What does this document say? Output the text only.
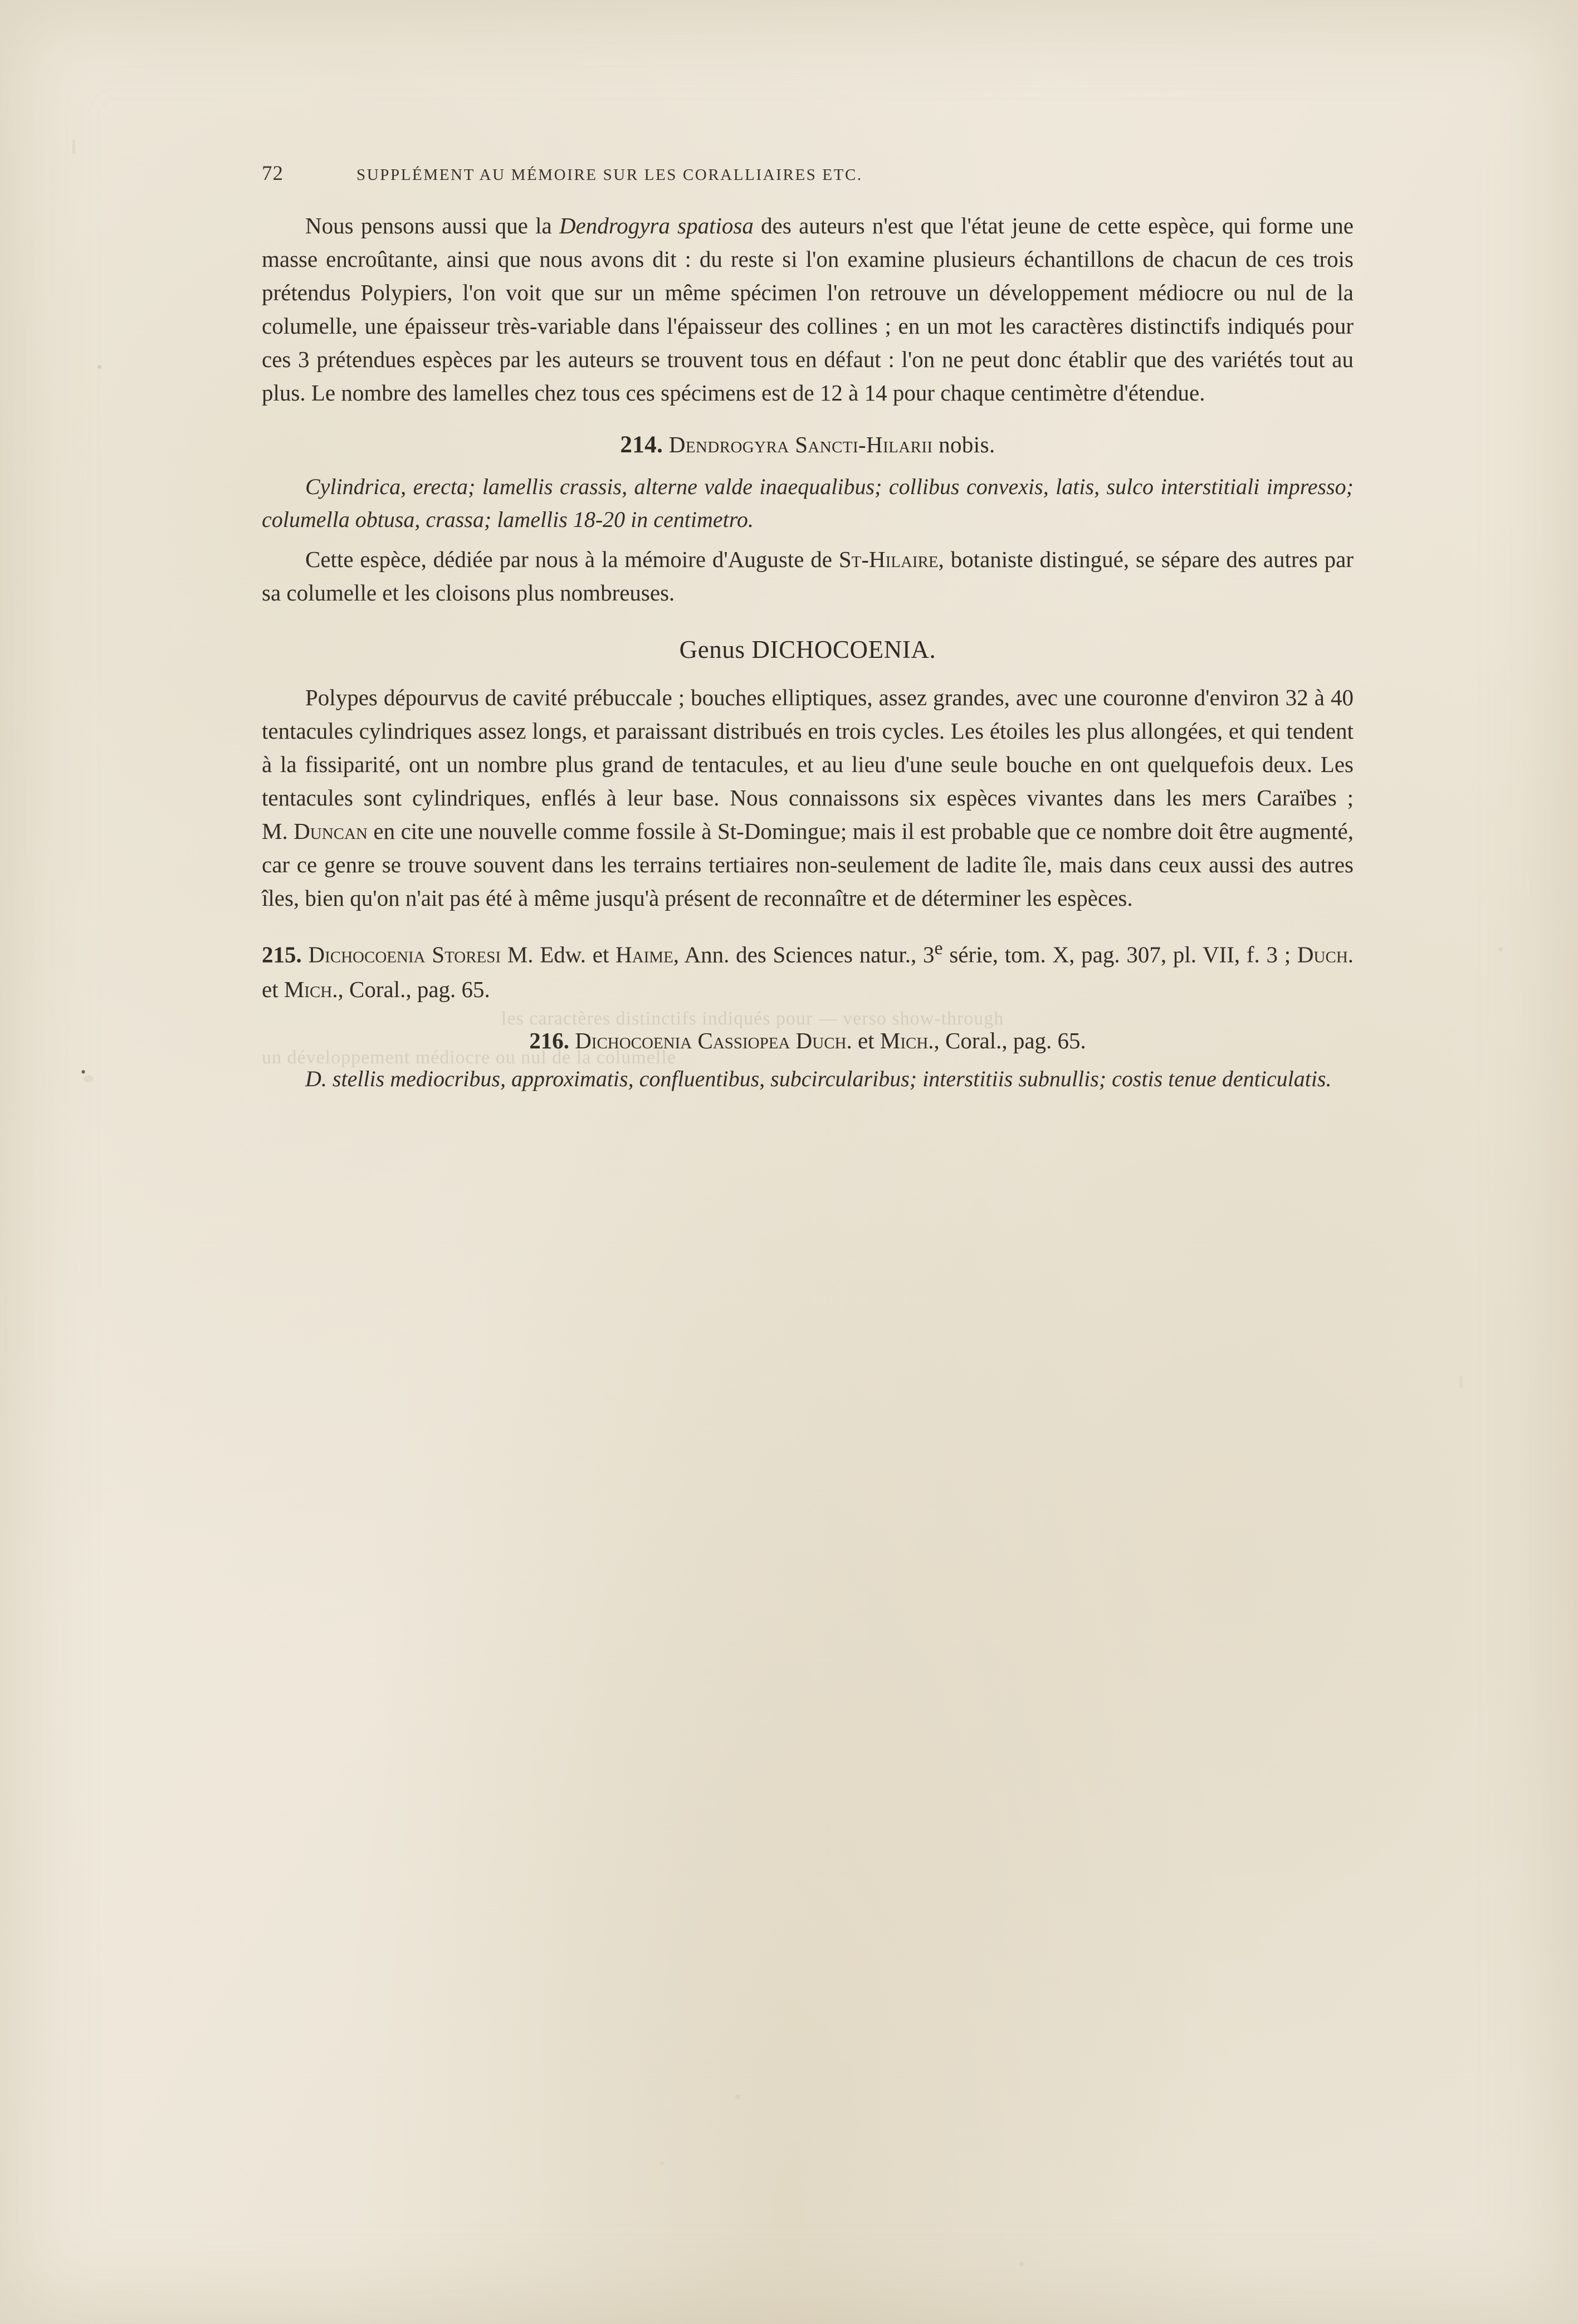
les caractères distinctifs indiqués pour — verso show-through
un développement médiocre ou nul de la columelle
•
72	SUPPLÉMENT AU MÉMOIRE SUR LES CORALLIAIRES ETC.

Nous pensons aussi que la Dendrogyra spatiosa des auteurs n'est que l'état jeune de cette espèce, qui forme une masse encroûtante, ainsi que nous avons dit : du reste si l'on examine plusieurs échantillons de chacun de ces trois prétendus Polypiers, l'on voit que sur un même spécimen l'on retrouve un développement médiocre ou nul de la columelle, une épaisseur très-variable dans l'épaisseur des collines ; en un mot les caractères distinctifs indiqués pour ces 3 prétendues espèces par les auteurs se trouvent tous en défaut : l'on ne peut donc établir que des variétés tout au plus. Le nombre des lamelles chez tous ces spécimens est de 12 à 14 pour chaque centimètre d'étendue.

214. Dendrogyra Sancti-Hilarii nobis.

Cylindrica, erecta; lamellis crassis, alterne valde inaequalibus; collibus convexis, latis, sulco interstitiali impresso; columella obtusa, crassa; lamellis 18-20 in centimetro.

Cette espèce, dédiée par nous à la mémoire d'Auguste de St-Hilaire, botaniste distingué, se sépare des autres par sa columelle et les cloisons plus nombreuses.

Genus DICHOCOENIA.

Polypes dépourvus de cavité prébuccale ; bouches elliptiques, assez grandes, avec une couronne d'environ 32 à 40 tentacules cylindriques assez longs, et paraissant distribués en trois cycles. Les étoiles les plus allongées, et qui tendent à la fissiparité, ont un nombre plus grand de tentacules, et au lieu d'une seule bouche en ont quelquefois deux. Les tentacules sont cylindriques, enflés à leur base. Nous connaissons six espèces vivantes dans les mers Caraïbes ; M. Duncan en cite une nouvelle comme fossile à St-Domingue; mais il est probable que ce nombre doit être augmenté, car ce genre se trouve souvent dans les terrains tertiaires non-seulement de ladite île, mais dans ceux aussi des autres îles, bien qu'on n'ait pas été à même jusqu'à présent de reconnaître et de déterminer les espèces.

215. Dichocoenia Storesi M. Edw. et Haime, Ann. des Sciences natur., 3e série, tom. X, pag. 307, pl. VII, f. 3 ; Duch. et Mich., Coral., pag. 65.

216. Dichocoenia Cassiopea Duch. et Mich., Coral., pag. 65.

D. stellis mediocribus, approximatis, confluentibus, subcircularibus; interstitiis subnullis; costis tenue denticulatis.
